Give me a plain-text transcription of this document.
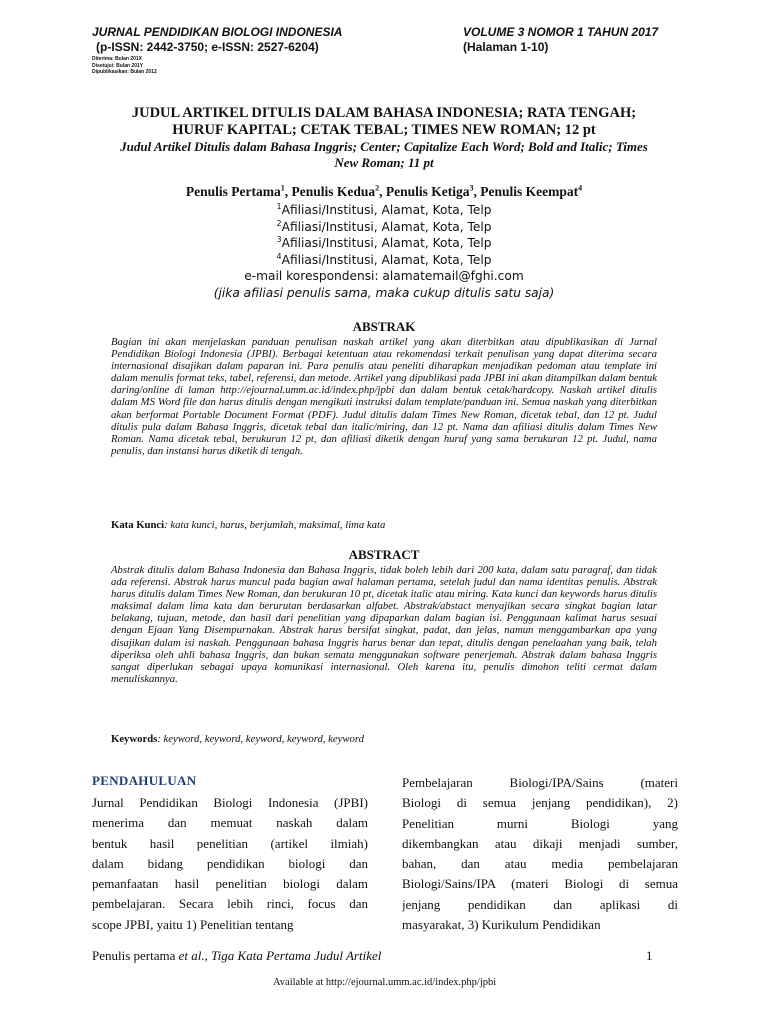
JURNAL PENDIDIKAN BIOLOGI INDONESIA	VOLUME 3 NOMOR 1 TAHUN 2017
(p-ISSN: 2442-3750; e-ISSN: 2527-6204)	(Halaman 1-10)
Diterima: Bulan 201X
Disetujui: Bulan 201Y
Dipublikasikan: Bulan 2012
JUDUL ARTIKEL DITULIS DALAM BAHASA INDONESIA; RATA TENGAH;
HURUF KAPITAL; CETAK TEBAL; TIMES NEW ROMAN; 12 pt
Judul Artikel Ditulis dalam Bahasa Inggris; Center; Capitalize Each Word; Bold and Italic; Times
New Roman; 11 pt
Penulis Pertama$^1$, Penulis Kedua$^2$, Penulis Ketiga$^3$, Penulis Keempat$^4$
$^1$Afiliasi/Institusi, Alamat, Kota, Telp
$^2$Afiliasi/Institusi, Alamat, Kota, Telp
$^3$Afiliasi/Institusi, Alamat, Kota, Telp
$^4$Afiliasi/Institusi, Alamat, Kota, Telp
e-mail korespondensi: alamatemail@fghi.com
(jika afiliasi penulis sama, maka cukup ditulis satu saja)
ABSTRAK
Bagian ini akan menjelaskan panduan penulisan naskah artikel yang akan diterbitkan atau dipublikasikan di Jurnal Pendidikan Biologi Indonesia (JPBI). Berbagai ketentuan atau rekomendasi terkait penulisan yang dapat diterima secara internasional disajikan dalam paparan ini. Para penulis atau peneliti diharapkan menjadikan pedoman atau template ini dalam menulis format teks, tabel, referensi, dan metode. Artikel yang dipublikasi pada JPBI ini akan ditampilkan dalam bentuk daring/online di laman http://ejournal.umm.ac.id/index.php/jpbi dan dalam bentuk cetak/hardcopy. Naskah artikel ditulis dalam MS Word file dan harus ditulis dengan mengikuti instruksi dalam template/panduan ini. Semua naskah yang diterbitkan akan berformat Portable Document Format (PDF). Judul ditulis dalam Times New Roman, dicetak tebal, dan 12 pt. Judul ditulis pula dalam Bahasa Inggris, dicetak tebal dan italic/miring, dan 12 pt. Nama dan afiliasi ditulis dalam Times New Roman. Nama dicetak tebal, berukuran 12 pt, dan afiliasi diketik dengan huruf yang sama berukuran 12 pt. Judul, nama penulis, dan instansi harus diketik di tengah.
Kata Kunci: kata kunci, harus, berjumlah, maksimal, lima kata
ABSTRACT
Abstrak ditulis dalam Bahasa Indonesia dan Bahasa Inggris, tidak boleh lebih dari 200 kata, dalam satu paragraf, dan tidak ada referensi. Abstrak harus muncul pada bagian awal halaman pertama, setelah judul dan nama identitas penulis. Abstrak harus ditulis dalam Times New Roman, dan berukuran 10 pt, dicetak italic atau miring. Kata kunci dan keywords harus ditulis maksimal dalam lima kata dan berurutan berdasarkan alfabet. Abstrak/abstact menyajikan secara singkat bagian latar belakang, tujuan, metode, dan hasil dari penelitian yang dipaparkan dalam bagian isi. Penggunaan kalimat harus sesuai dengan Ejaan Yang Disempurnakan. Abstrak harus bersifat singkat, padat, dan jelas, namun menggambarkan apa yang disajikan dalam isi naskah. Penggunaan bahasa Inggris harus benar dan tepat, ditulis dengan penelaahan yang baik, telah diperiksa oleh ahli bahasa Inggris, dan bukan semata menggunakan software penerjemah. Abstrak dalam bahasa Inggris sangat diperlukan sebagai upaya komunikasi internasional. Oleh karena itu, penulis dimohon teliti cermat dalam menuliskannya.
Keywords: keyword, keyword, keyword, keyword, keyword
PENDAHULUAN
Jurnal Pendidikan Biologi Indonesia (JPBI)
menerima dan memuat naskah dalam
bentuk hasil penelitian (artikel ilmiah)
dalam bidang pendidikan biologi dan
pemanfaatan hasil penelitian biologi dalam
pembelajaran. Secara lebih rinci, focus dan
scope JPBI, yaitu 1) Penelitian tentang
Pembelajaran Biologi/IPA/Sains (materi
Biologi di semua jenjang pendidikan), 2)
Penelitian murni Biologi yang
dikembangkan atau dikaji menjadi sumber,
bahan, dan atau media pembelajaran
Biologi/Sains/IPA (materi Biologi di semua
jenjang pendidikan dan aplikasi di
masyarakat, 3) Kurikulum Pendidikan
Penulis pertama et al., Tiga Kata Pertama Judul Artikel	1
Available at http://ejournal.umm.ac.id/index.php/jpbi
